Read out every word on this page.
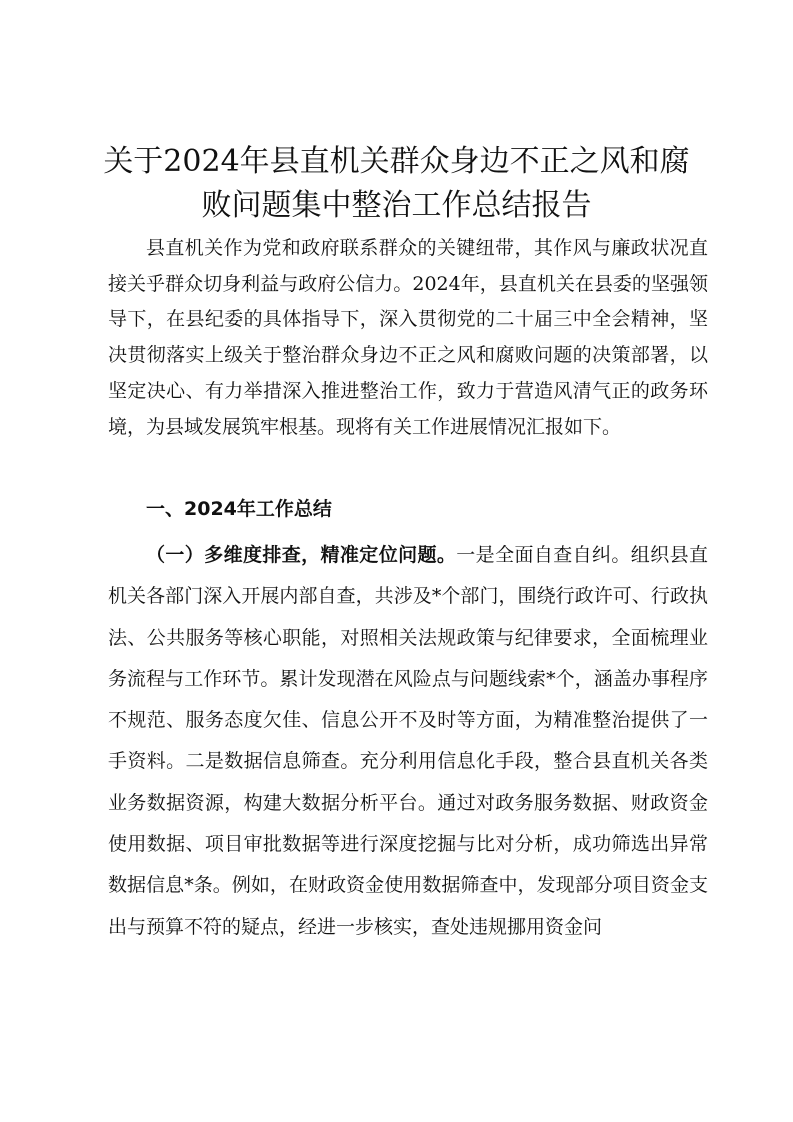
关于2024年县直机关群众身边不正之风和腐败问题集中整治工作总结报告

县直机关作为党和政府联系群众的关键纽带，其作风与廉政状况直接关乎群众切身利益与政府公信力。2024年，县直机关在县委的坚强领导下，在县纪委的具体指导下，深入贯彻党的二十届三中全会精神，坚决贯彻落实上级关于整治群众身边不正之风和腐败问题的决策部署，以坚定决心、有力举措深入推进整治工作，致力于营造风清气正的政务环境，为县域发展筑牢根基。现将有关工作进展情况汇报如下。

一、2024年工作总结

（一）多维度排查，精准定位问题。一是全面自查自纠。组织县直机关各部门深入开展内部自查，共涉及*个部门，围绕行政许可、行政执法、公共服务等核心职能，对照相关法规政策与纪律要求，全面梳理业务流程与工作环节。累计发现潜在风险点与问题线索*个，涵盖办事程序不规范、服务态度欠佳、信息公开不及时等方面，为精准整治提供了一手资料。二是数据信息筛查。充分利用信息化手段，整合县直机关各类业务数据资源，构建大数据分析平台。通过对政务服务数据、财政资金使用数据、项目审批数据等进行深度挖掘与比对分析，成功筛选出异常数据信息*条。例如，在财政资金使用数据筛查中，发现部分项目资金支出与预算不符的疑点，经进一步核实，查处违规挪用资金问
